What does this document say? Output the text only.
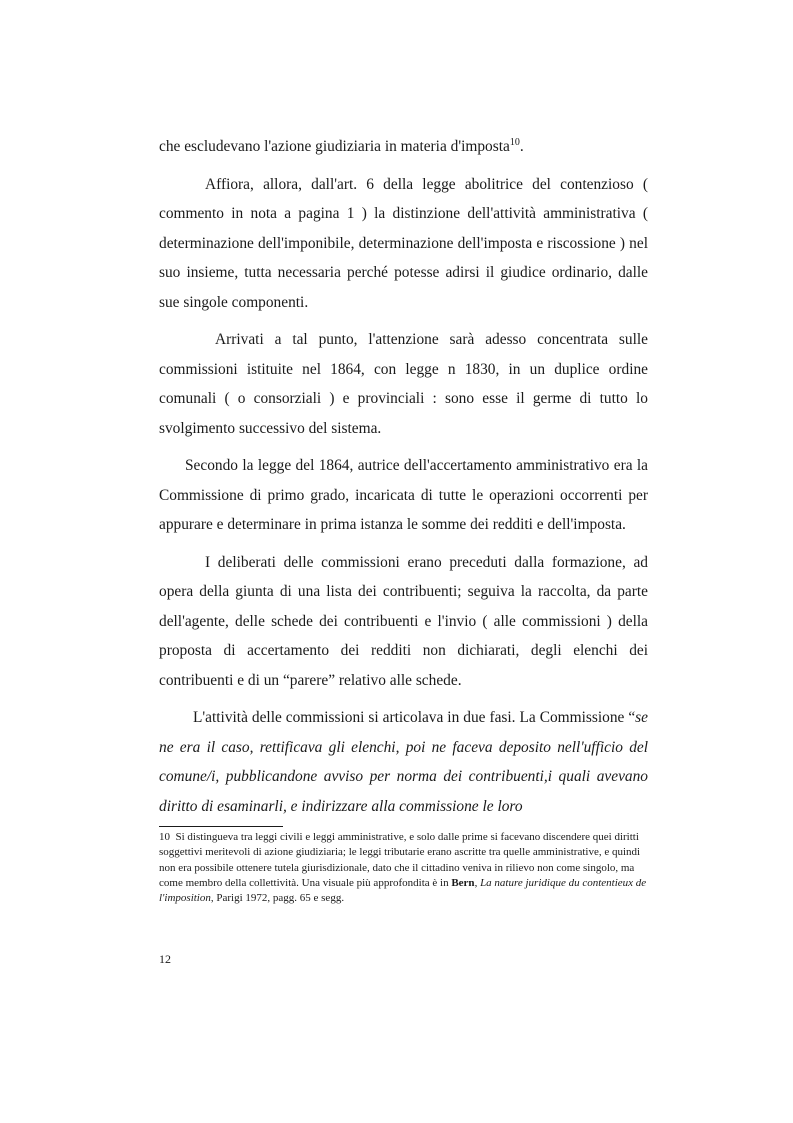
che escludevano l'azione giudiziaria in materia d'imposta$^{10}$.

Affiora, allora, dall'art. 6 della legge abolitrice del contenzioso ( commento in nota a pagina 1 ) la distinzione dell'attività amministrativa ( determinazione dell'imponibile, determinazione dell'imposta e riscossione ) nel suo insieme, tutta necessaria perché potesse adirsi il giudice ordinario, dalle sue singole componenti.

Arrivati a tal punto, l'attenzione sarà adesso concentrata sulle commissioni istituite nel 1864, con legge n 1830, in un duplice ordine comunali ( o consorziali ) e provinciali : sono esse il germe di tutto lo svolgimento successivo del sistema.

Secondo la legge del 1864, autrice dell'accertamento amministrativo era la Commissione di primo grado, incaricata di tutte le operazioni occorrenti per appurare e determinare in prima istanza le somme dei redditi e dell'imposta.

I deliberati delle commissioni erano preceduti dalla formazione, ad opera della giunta di una lista dei contribuenti; seguiva la raccolta, da parte dell'agente, delle schede dei contribuenti e l'invio ( alle commissioni ) della proposta di accertamento dei redditi non dichiarati, degli elenchi dei contribuenti e di un “parere” relativo alle schede.

L'attività delle commissioni si articolava in due fasi. La Commissione “se ne era il caso, rettificava gli elenchi, poi ne faceva deposito nell'ufficio del comune/i, pubblicandone avviso per norma dei contribuenti,i quali avevano diritto di esaminarli, e indirizzare alla commissione le loro

10 Si distingueva tra leggi civili e leggi amministrative, e solo dalle prime si facevano discendere quei diritti soggettivi meritevoli di azione giudiziaria; le leggi tributarie erano ascritte tra quelle amministrative, e quindi non era possibile ottenere tutela giurisdizionale, dato che il cittadino veniva in rilievo non come singolo, ma come membro della collettività. Una visuale più approfondita è in Bern, La nature juridique du contentieux de l'imposition, Parigi 1972, pagg. 65 e segg.
12
